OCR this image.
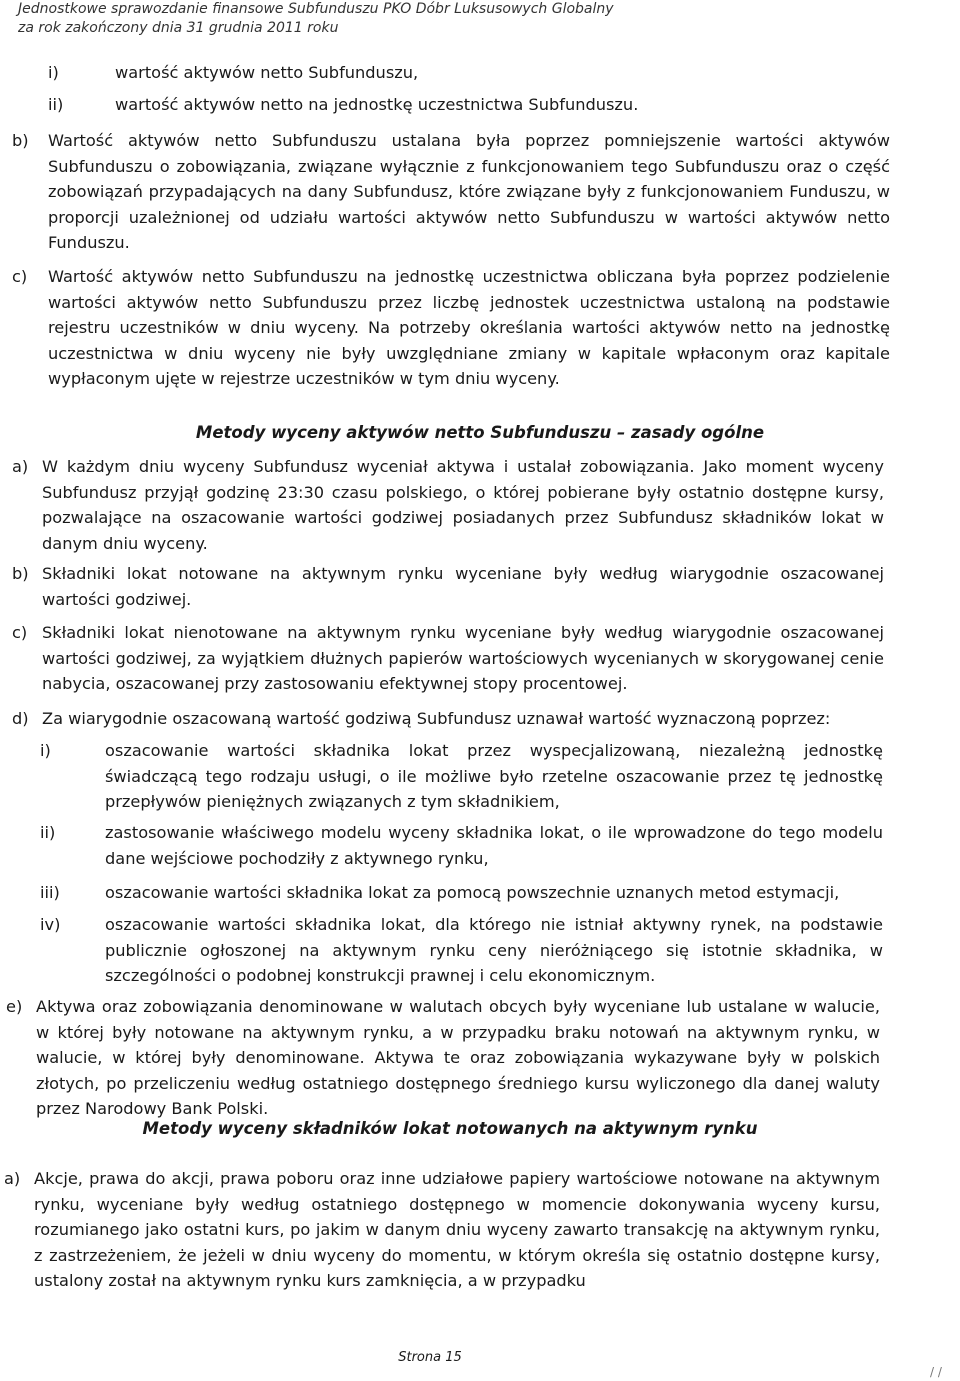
Jednostkowe sprawozdanie finansowe Subfunduszu PKO Dóbr Luksusowych Globalny
za rok zakończony dnia 31 grudnia 2011 roku
i)	wartość aktywów netto Subfunduszu,

ii)	wartość aktywów netto na jednostkę uczestnictwa Subfunduszu.

b) Wartość aktywów netto Subfunduszu ustalana była poprzez pomniejszenie wartości aktywów Subfunduszu o zobowiązania, związane wyłącznie z funkcjonowaniem tego Subfunduszu oraz o część zobowiązań przypadających na dany Subfundusz, które związane były z funkcjonowaniem Funduszu, w proporcji uzależnionej od udziału wartości aktywów netto Subfunduszu w wartości aktywów netto Funduszu.

c) Wartość aktywów netto Subfunduszu na jednostkę uczestnictwa obliczana była poprzez podzielenie wartości aktywów netto Subfunduszu przez liczbę jednostek uczestnictwa ustaloną na podstawie rejestru uczestników w dniu wyceny. Na potrzeby określania wartości aktywów netto na jednostkę uczestnictwa w dniu wyceny nie były uwzględniane zmiany w kapitale wpłaconym oraz kapitale wypłaconym ujęte w rejestrze uczestników w tym dniu wyceny.

Metody wyceny aktywów netto Subfunduszu – zasady ogólne
a) W każdym dniu wyceny Subfundusz wyceniał aktywa i ustalał zobowiązania. Jako moment wyceny Subfundusz przyjął godzinę 23:30 czasu polskiego, o której pobierane były ostatnio dostępne kursy, pozwalające na oszacowanie wartości godziwej posiadanych przez Subfundusz składników lokat w danym dniu wyceny.

b) Składniki lokat notowane na aktywnym rynku wyceniane były według wiarygodnie oszacowanej wartości godziwej.

c) Składniki lokat nienotowane na aktywnym rynku wyceniane były według wiarygodnie oszacowanej wartości godziwej, za wyjątkiem dłużnych papierów wartościowych wycenianych w skorygowanej cenie nabycia, oszacowanej przy zastosowaniu efektywnej stopy procentowej.

d) Za wiarygodnie oszacowaną wartość godziwą Subfundusz uznawał wartość wyznaczoną poprzez:

i)	oszacowanie wartości składnika lokat przez wyspecjalizowaną, niezależną jednostkę świadczącą tego rodzaju usługi, o ile możliwe było rzetelne oszacowanie przez tę jednostkę przepływów pieniężnych związanych z tym składnikiem,

ii)	zastosowanie właściwego modelu wyceny składnika lokat, o ile wprowadzone do tego modelu dane wejściowe pochodziły z aktywnego rynku,

iii)	oszacowanie wartości składnika lokat za pomocą powszechnie uznanych metod estymacji,

iv)	oszacowanie wartości składnika lokat, dla którego nie istniał aktywny rynek, na podstawie publicznie ogłoszonej na aktywnym rynku ceny nieróżniącego się istotnie składnika, w szczególności o podobnej konstrukcji prawnej i celu ekonomicznym.

e) Aktywa oraz zobowiązania denominowane w walutach obcych były wyceniane lub ustalane w walucie, w której były notowane na aktywnym rynku, a w przypadku braku notowań na aktywnym rynku, w walucie, w której były denominowane. Aktywa te oraz zobowiązania wykazywane były w polskich złotych, po przeliczeniu według ostatniego dostępnego średniego kursu wyliczonego dla danej waluty przez Narodowy Bank Polski.

Metody wyceny składników lokat notowanych na aktywnym rynku
a) Akcje, prawa do akcji, prawa poboru oraz inne udziałowe papiery wartościowe notowane na aktywnym rynku, wyceniane były według ostatniego dostępnego w momencie dokonywania wyceny kursu, rozumianego jako ostatni kurs, po jakim w danym dniu wyceny zawarto transakcję na aktywnym rynku, z zastrzeżeniem, że jeżeli w dniu wyceny do momentu, w którym określa się ostatnio dostępne kursy, ustalony został na aktywnym rynku kurs zamknięcia, a w przypadku

Strona 15
/ /
